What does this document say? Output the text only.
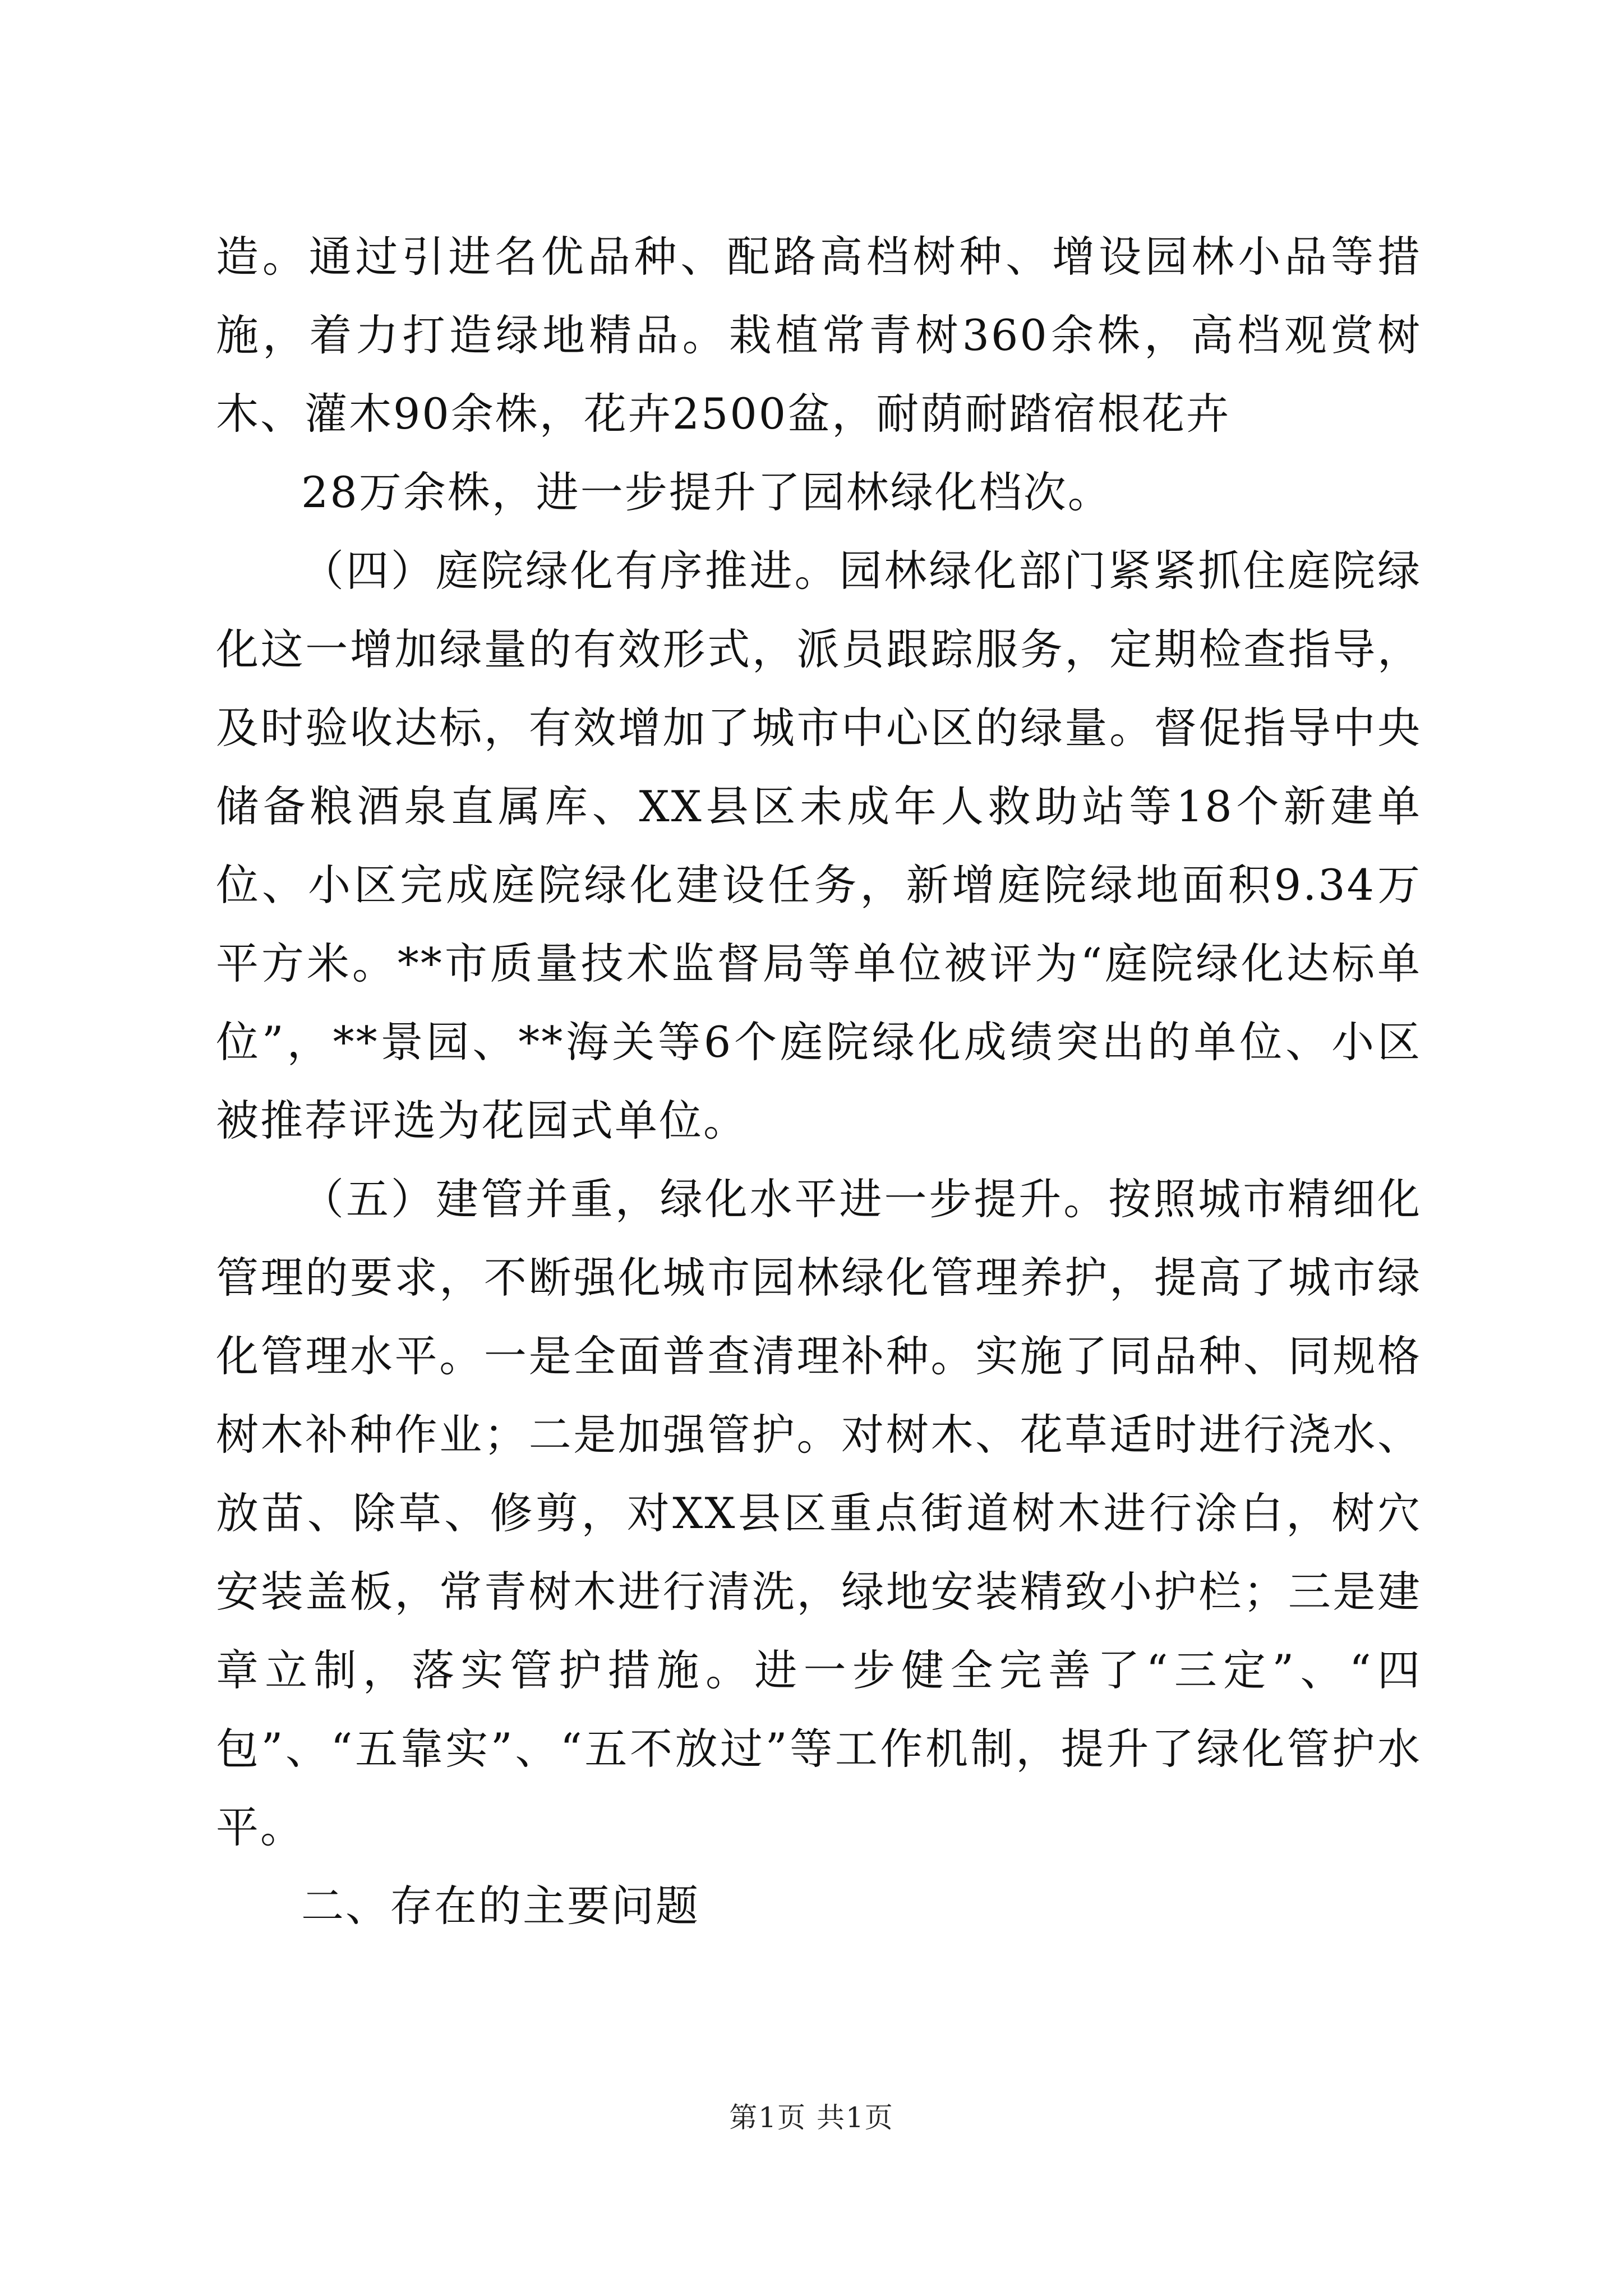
造。通过引进名优品种、配路高档树种、增设园林小品等措施，着力打造绿地精品。栽植常青树360余株，高档观赏树木、灌木90余株，花卉2500盆，耐荫耐踏宿根花卉

28万余株，进一步提升了园林绿化档次。

（四）庭院绿化有序推进。园林绿化部门紧紧抓住庭院绿化这一增加绿量的有效形式，派员跟踪服务，定期检查指导，及时验收达标，有效增加了城市中心区的绿量。督促指导中央储备粮酒泉直属库、XX县区未成年人救助站等18个新建单位、小区完成庭院绿化建设任务，新增庭院绿地面积9.34万平方米。**市质量技术监督局等单位被评为“庭院绿化达标单位”，**景园、**海关等6个庭院绿化成绩突出的单位、小区被推荐评选为花园式单位。

（五）建管并重，绿化水平进一步提升。按照城市精细化管理的要求，不断强化城市园林绿化管理养护，提高了城市绿化管理水平。一是全面普查清理补种。实施了同品种、同规格树木补种作业；二是加强管护。对树木、花草适时进行浇水、放苗、除草、修剪，对XX县区重点街道树木进行涂白，树穴安装盖板，常青树木进行清洗，绿地安装精致小护栏；三是建章立制，落实管护措施。进一步健全完善了“三定”、“四包”、“五靠实”、“五不放过”等工作机制，提升了绿化管护水平。

二、存在的主要问题

第1页 共1页
